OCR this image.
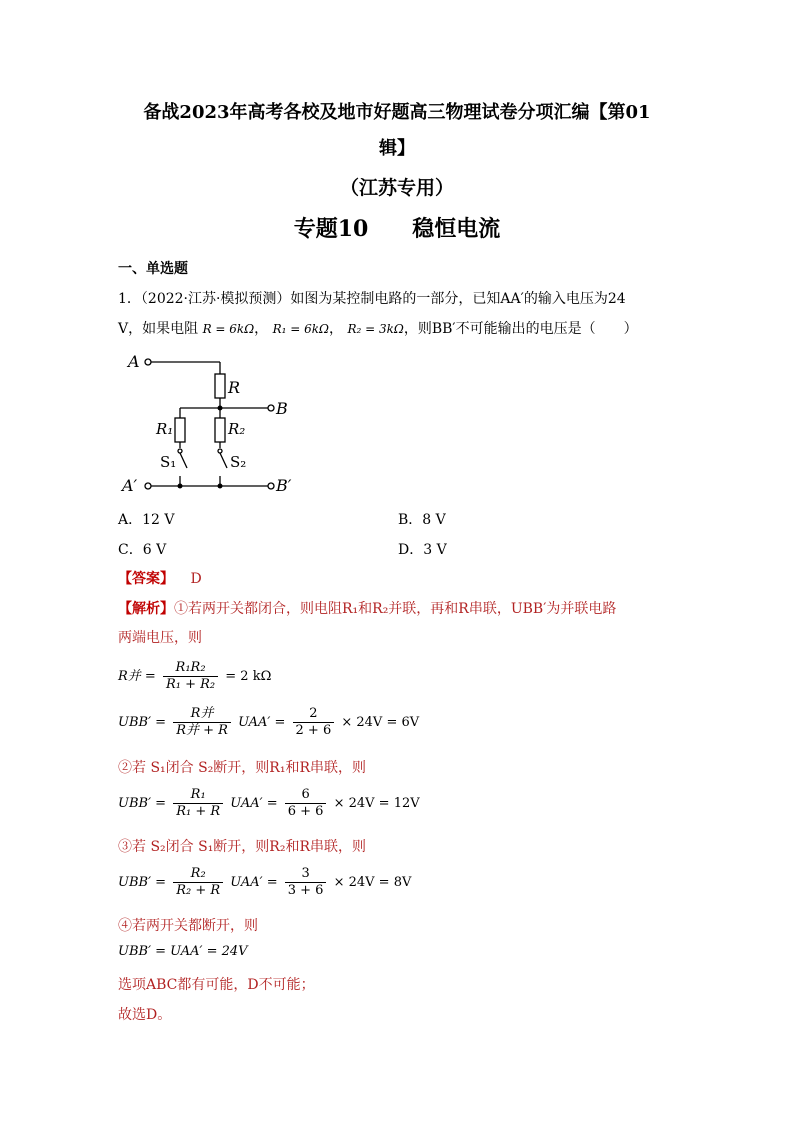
备战2023年高考各校及地市好题高三物理试卷分项汇编【第01
辑】
（江苏专用）
专题10　　稳恒电流
一、单选题
1．（2022·江苏·模拟预测）如图为某控制电路的一部分，已知AA′的输入电压为24
V，如果电阻 R = 6kΩ， R₁ = 6kΩ， R₂ = 3kΩ，则BB′不可能输出的电压是（　　）
A
R
B
R₁	R₂
S₁	S₂
A′	B′
A．12 V	B．8 V
C．6 V	D．3 V
【答案】 D
【解析】①若两开关都闭合，则电阻R₁和R₂并联，再和R串联，UBB′为并联电路
两端电压，则
R并 = $\frac{\text{R₁R₂}}{\text{R₁ + R₂}} = 2$ kΩ
$UBB' = \frac{\text{R并}}{\text{R并 + R}} UAA' = \frac{2}{2 + 6} \times 24V = 6V$
②若 S₁闭合 S₂断开，则R₁和R串联，则
$UBB' = \frac{\text{R₁}}{\text{R₁ + R}} UAA' = \frac{6}{6 + 6} \times 24V = 12V$
③若 S₂闭合 S₁断开，则R₂和R串联，则
$UBB' = \frac{\text{R₂}}{\text{R₂ + R}} UAA' = \frac{3}{3 + 6} \times 24V = 8V$
④若两开关都断开，则
UBB′ = UAA′ = 24V
选项ABC都有可能，D不可能；
故选D。
